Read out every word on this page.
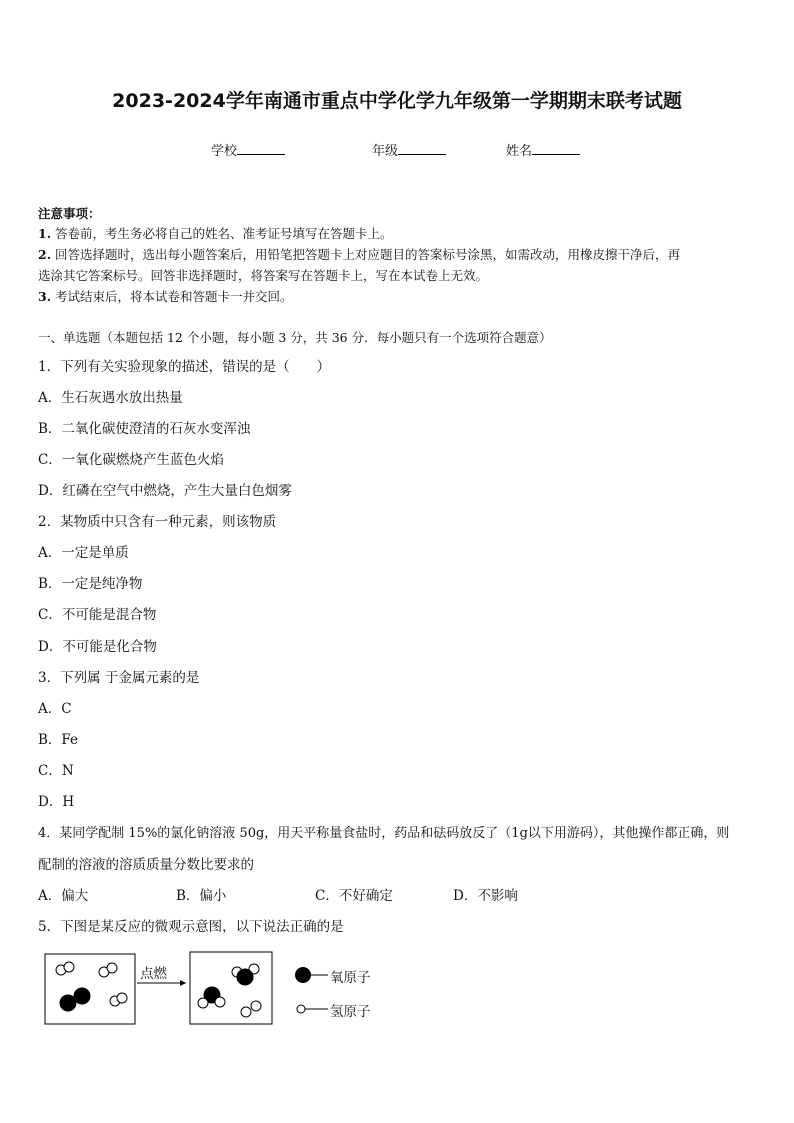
2023-2024学年南通市重点中学化学九年级第一学期期末联考试题
学校	年级	姓名
注意事项：
1. 答卷前，考生务必将自己的姓名、准考证号填写在答题卡上。
2. 回答选择题时，选出每小题答案后，用铅笔把答题卡上对应题目的答案标号涂黑，如需改动，用橡皮擦干净后，再
选涂其它答案标号。回答非选择题时，将答案写在答题卡上，写在本试卷上无效。
3. 考试结束后，将本试卷和答题卡一并交回。
一、单选题（本题包括 12 个小题，每小题 3 分，共 36 分．每小题只有一个选项符合题意）
1．下列有关实验现象的描述，错误的是（　　）
A．生石灰遇水放出热量
B．二氧化碳使澄清的石灰水变浑浊
C．一氧化碳燃烧产生蓝色火焰
D．红磷在空气中燃烧，产生大量白色烟雾
2．某物质中只含有一种元素，则该物质
A．一定是单质
B．一定是纯净物
C．不可能是混合物
D．不可能是化合物
3．下列属 于金属元素的是
A．C
B．Fe
C．N
D．H
4．某同学配制 15%的氯化钠溶液 50g，用天平称量食盐时，药品和砝码放反了（1g以下用游码），其他操作都正确，则
配制的溶液的溶质质量分数比要求的
A．偏大	B．偏小	C．不好确定	D．不影响
5．下图是某反应的微观示意图，以下说法正确的是
点燃	氧原子
氢原子
